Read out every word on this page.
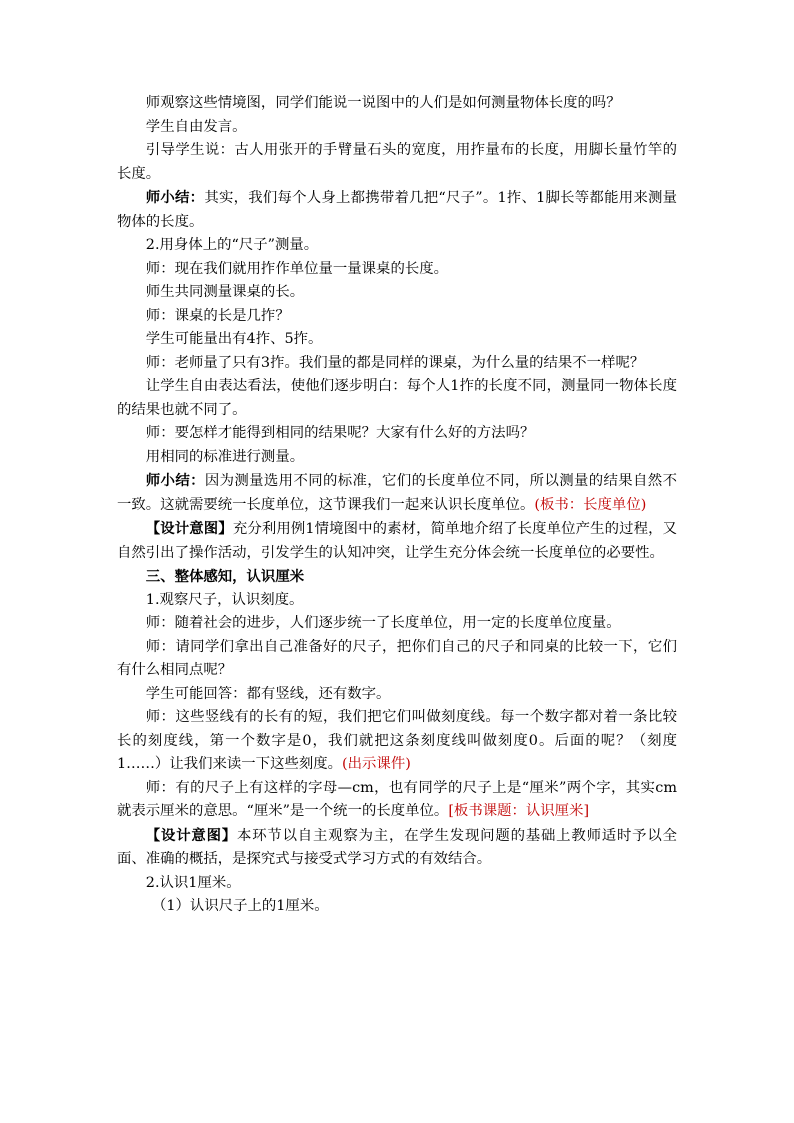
师观察这些情境图，同学们能说一说图中的人们是如何测量物体长度的吗？

学生自由发言。

引导学生说：古人用张开的手臂量石头的宽度，用拃量布的长度，用脚长量竹竿的长度。

师小结：其实，我们每个人身上都携带着几把“尺子”。1拃、1脚长等都能用来测量物体的长度。

2.用身体上的“尺子”测量。

师：现在我们就用拃作单位量一量课桌的长度。

师生共同测量课桌的长。

师：课桌的长是几拃？

学生可能量出有4拃、5拃。

师：老师量了只有3拃。我们量的都是同样的课桌，为什么量的结果不一样呢？

让学生自由表达看法，使他们逐步明白：每个人1拃的长度不同，测量同一物体长度的结果也就不同了。

师：要怎样才能得到相同的结果呢？大家有什么好的方法吗？

用相同的标准进行测量。

师小结：因为测量选用不同的标准，它们的长度单位不同，所以测量的结果自然不一致。这就需要统一长度单位，这节课我们一起来认识长度单位。(板书：长度单位)

【设计意图】充分利用例1情境图中的素材，简单地介绍了长度单位产生的过程，又自然引出了操作活动，引发学生的认知冲突，让学生充分体会统一长度单位的必要性。

三、整体感知，认识厘米

1.观察尺子，认识刻度。

师：随着社会的进步，人们逐步统一了长度单位，用一定的长度单位度量。

师：请同学们拿出自己准备好的尺子，把你们自己的尺子和同桌的比较一下，它们有什么相同点呢？

学生可能回答：都有竖线，还有数字。

师：这些竖线有的长有的短，我们把它们叫做刻度线。每一个数字都对着一条比较长的刻度线，第一个数字是0，我们就把这条刻度线叫做刻度0。后面的呢？（刻度1……）让我们来读一下这些刻度。(出示课件)

师：有的尺子上有这样的字母—cm，也有同学的尺子上是“厘米”两个字，其实cm就表示厘米的意思。“厘米”是一个统一的长度单位。[板书课题：认识厘米]

【设计意图】本环节以自主观察为主，在学生发现问题的基础上教师适时予以全面、准确的概括，是探究式与接受式学习方式的有效结合。

2.认识1厘米。

（1）认识尺子上的1厘米。
